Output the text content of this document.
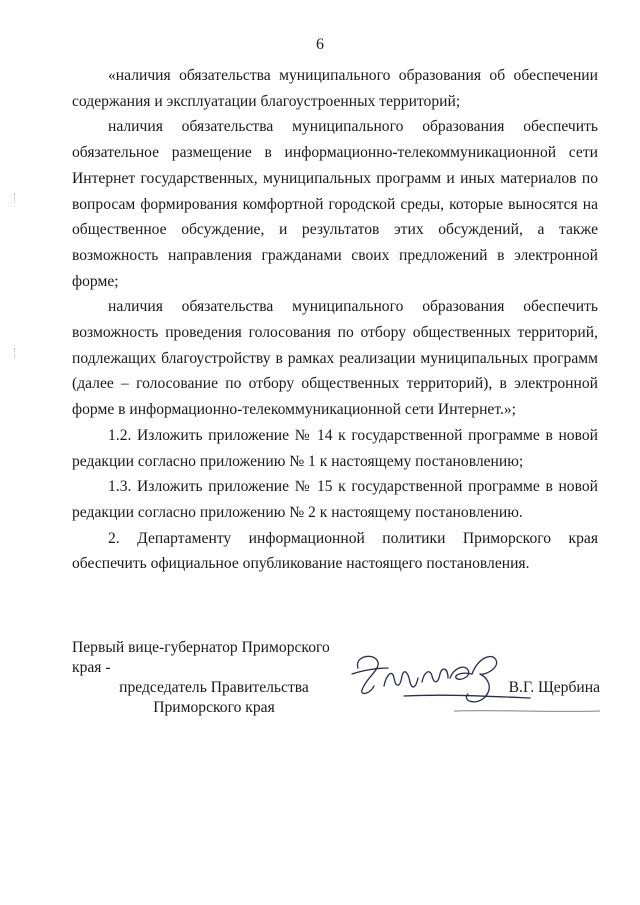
6

«наличия обязательства муниципального образования об обеспечении содержания и эксплуатации благоустроенных территорий;

наличия обязательства муниципального образования обеспечить обязательное размещение в информационно-телекоммуникационной сети Интернет государственных, муниципальных программ и иных материалов по вопросам формирования комфортной городской среды, которые выносятся на общественное обсуждение, и результатов этих обсуждений, а также возможность направления гражданами своих предложений в электронной форме;

наличия обязательства муниципального образования обеспечить возможность проведения голосования по отбору общественных территорий, подлежащих благоустройству в рамках реализации муниципальных программ (далее – голосование по отбору общественных территорий), в электронной форме в информационно-телекоммуникационной сети Интернет.»;

1.2. Изложить приложение № 14 к государственной программе в новой редакции согласно приложению № 1 к настоящему постановлению;

1.3. Изложить приложение № 15 к государственной программе в новой редакции согласно приложению № 2 к настоящему постановлению.

2. Департаменту информационной политики Приморского края обеспечить официальное опубликование настоящего постановления.

Первый вице-губернатор Приморского края -
председатель Правительства
Приморского края
В.Г. Щербина
